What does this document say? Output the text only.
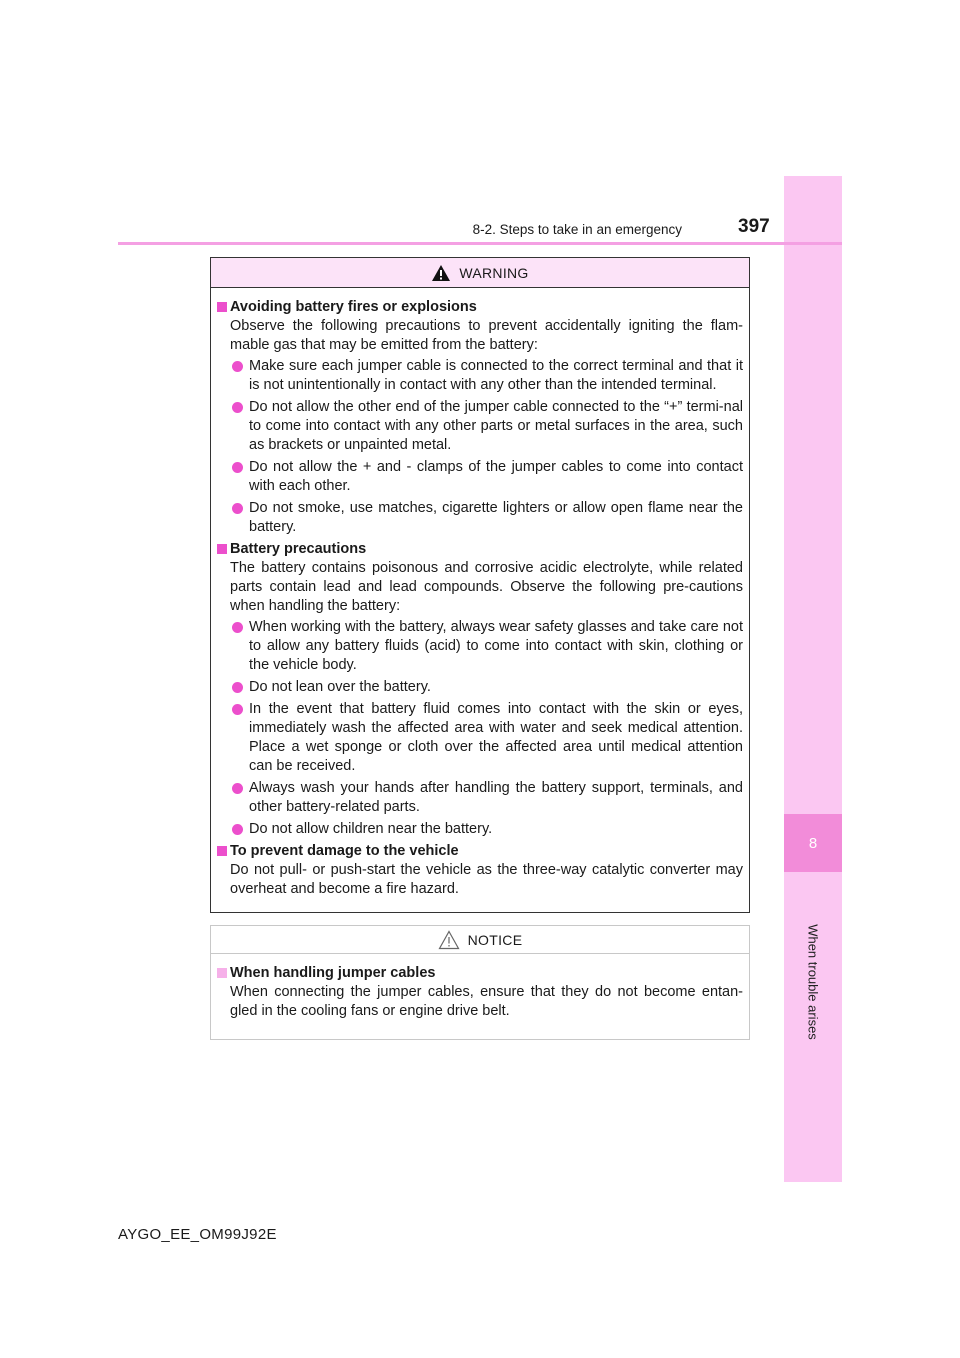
8
When trouble arises
8-2. Steps to take in an emergency	397
WARNING
Avoiding battery fires or explosions
Observe the following precautions to prevent accidentally igniting the flam-mable gas that may be emitted from the battery:
Make sure each jumper cable is connected to the correct terminal and that it is not unintentionally in contact with any other than the intended terminal.
Do not allow the other end of the jumper cable connected to the “+” termi-nal to come into contact with any other parts or metal surfaces in the area, such as brackets or unpainted metal.
Do not allow the + and - clamps of the jumper cables to come into contact with each other.
Do not smoke, use matches, cigarette lighters or allow open flame near the battery.
Battery precautions
The battery contains poisonous and corrosive acidic electrolyte, while related parts contain lead and lead compounds. Observe the following pre-cautions when handling the battery:
When working with the battery, always wear safety glasses and take care not to allow any battery fluids (acid) to come into contact with skin, clothing or the vehicle body.
Do not lean over the battery.
In the event that battery fluid comes into contact with the skin or eyes, immediately wash the affected area with water and seek medical attention. Place a wet sponge or cloth over the affected area until medical attention can be received.
Always wash your hands after handling the battery support, terminals, and other battery-related parts.
Do not allow children near the battery.
To prevent damage to the vehicle
Do not pull- or push-start the vehicle as the three-way catalytic converter may overheat and become a fire hazard.
NOTICE
When handling jumper cables
When connecting the jumper cables, ensure that they do not become entan-gled in the cooling fans or engine drive belt.
AYGO_EE_OM99J92E
